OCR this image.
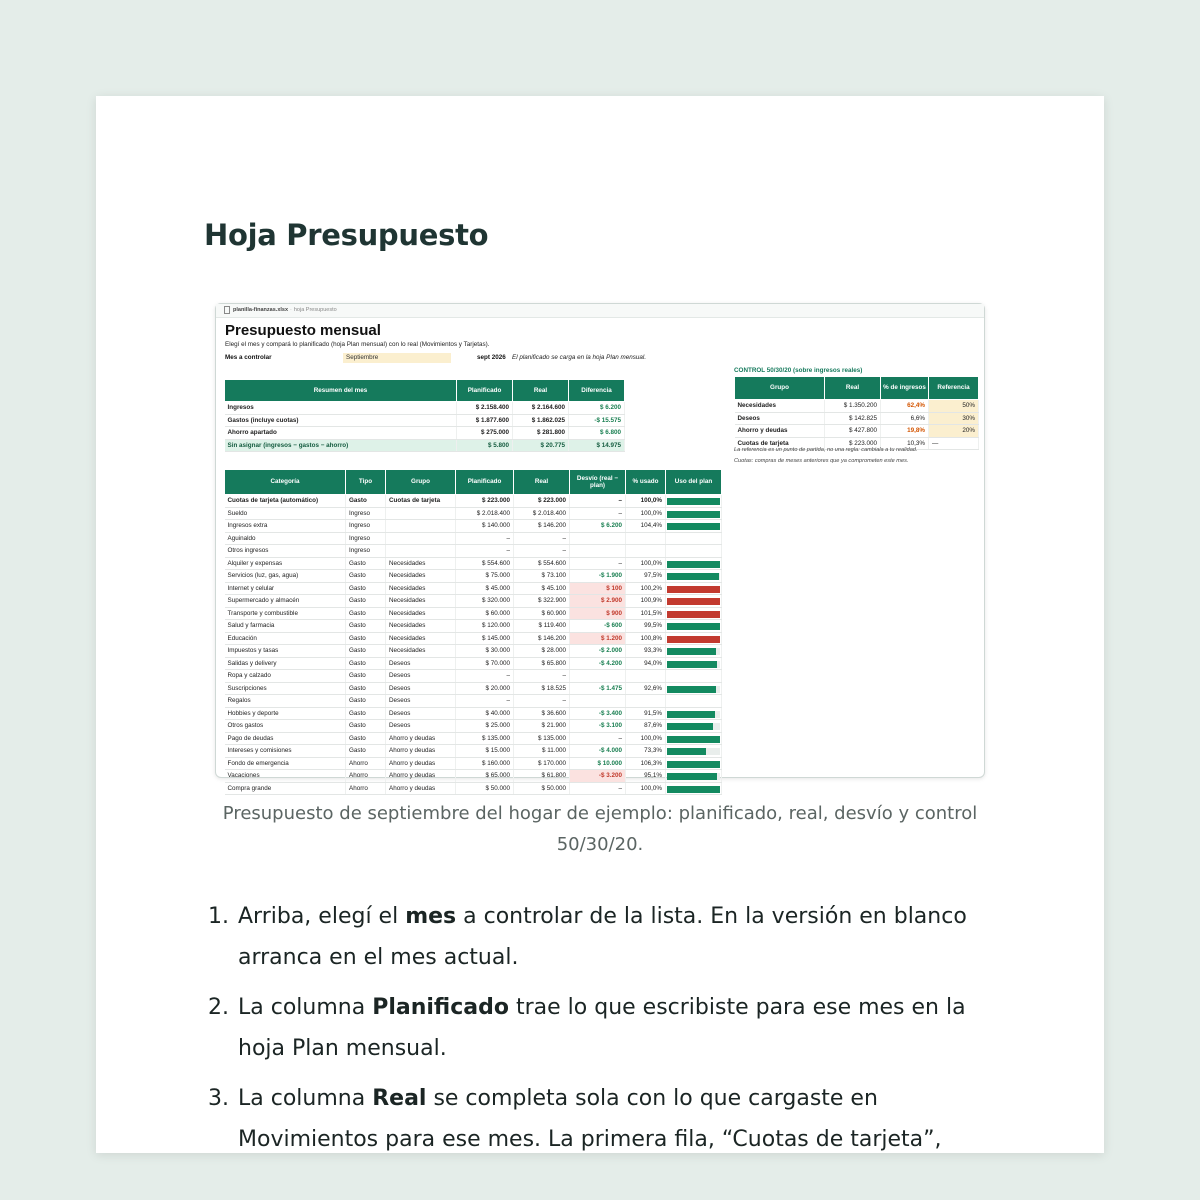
Hoja Presupuesto
planilla-finanzas.xlsx · hoja Presupuesto
Presupuesto mensual
Elegí el mes y compará lo planificado (hoja Plan mensual) con lo real (Movimientos y Tarjetas).
Mes a controlar	Septiembre	sept 2026 El planificado se carga en la hoja Plan mensual.
Resumen del mes	Planificado	Real	Diferencia
Ingresos	$ 2.158.400	$ 2.164.600	$ 6.200
Gastos (incluye cuotas)	$ 1.877.600	$ 1.862.025	-$ 15.575
Ahorro apartado	$ 275.000	$ 281.800	$ 6.800
Sin asignar (ingresos − gastos − ahorro)	$ 5.800	$ 20.775	$ 14.975
CONTROL 50/30/20 (sobre ingresos reales)
Grupo	Real	% de ingresos	Referencia
Necesidades	$ 1.350.200	62,4%	50%
Deseos	$ 142.825	6,6%	30%
Ahorro y deudas	$ 427.800	19,8%	20%
Cuotas de tarjeta	$ 223.000	10,3%	—
La referencia es un punto de partida, no una regla: cambiala a tu realidad.
Cuotas: compras de meses anteriores que ya comprometen este mes.
Categoría	Tipo	Grupo	Planificado	Real	Desvío (real − plan)	% usado	Uso del plan
Cuotas de tarjeta (automático)	Gasto	Cuotas de tarjeta	$ 223.000	$ 223.000	–	100,0%	

Sueldo	Ingreso		$ 2.018.400	$ 2.018.400	–	100,0%	

Ingresos extra	Ingreso		$ 140.000	$ 146.200	$ 6.200	104,4%	

Aguinaldo	Ingreso		–	–			
Otros ingresos	Ingreso		–	–			
Alquiler y expensas	Gasto	Necesidades	$ 554.600	$ 554.600	–	100,0%	

Servicios (luz, gas, agua)	Gasto	Necesidades	$ 75.000	$ 73.100	-$ 1.900	97,5%	

Internet y celular	Gasto	Necesidades	$ 45.000	$ 45.100	$ 100	100,2%	

Supermercado y almacén	Gasto	Necesidades	$ 320.000	$ 322.900	$ 2.900	100,9%	

Transporte y combustible	Gasto	Necesidades	$ 60.000	$ 60.900	$ 900	101,5%	

Salud y farmacia	Gasto	Necesidades	$ 120.000	$ 119.400	-$ 600	99,5%	

Educación	Gasto	Necesidades	$ 145.000	$ 146.200	$ 1.200	100,8%	

Impuestos y tasas	Gasto	Necesidades	$ 30.000	$ 28.000	-$ 2.000	93,3%	

Salidas y delivery	Gasto	Deseos	$ 70.000	$ 65.800	-$ 4.200	94,0%	

Ropa y calzado	Gasto	Deseos	–	–			
Suscripciones	Gasto	Deseos	$ 20.000	$ 18.525	-$ 1.475	92,6%	

Regalos	Gasto	Deseos	–	–			
Hobbies y deporte	Gasto	Deseos	$ 40.000	$ 36.600	-$ 3.400	91,5%	

Otros gastos	Gasto	Deseos	$ 25.000	$ 21.900	-$ 3.100	87,6%	

Pago de deudas	Gasto	Ahorro y deudas	$ 135.000	$ 135.000	–	100,0%	

Intereses y comisiones	Gasto	Ahorro y deudas	$ 15.000	$ 11.000	-$ 4.000	73,3%	

Fondo de emergencia	Ahorro	Ahorro y deudas	$ 160.000	$ 170.000	$ 10.000	106,3%	

Vacaciones	Ahorro	Ahorro y deudas	$ 65.000	$ 61.800	-$ 3.200	95,1%	

Compra grande	Ahorro	Ahorro y deudas	$ 50.000	$ 50.000	–	100,0%	

Presupuesto de septiembre del hogar de ejemplo: planificado, real, desvío y control 50/30/20.

1. Arriba, elegí el mes a controlar de la lista. En la versión en blanco arranca en el mes actual.
2. La columna Planificado trae lo que escribiste para ese mes en la hoja Plan mensual.
3. La columna Real se completa sola con lo que cargaste en Movimientos para ese mes. La primera fila, “Cuotas de tarjeta”,
